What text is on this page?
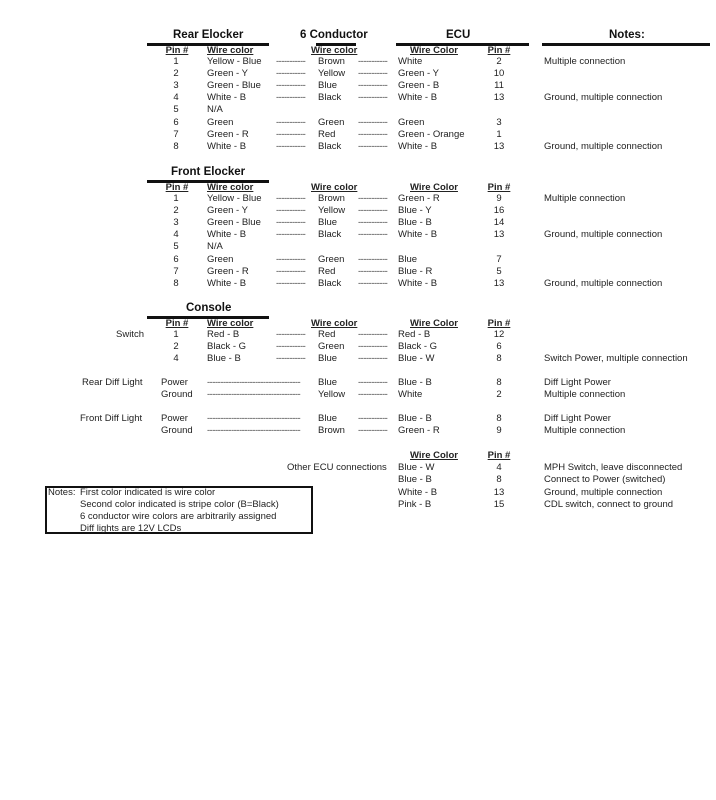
Rear Elocker	6 Conductor	ECU	Notes:
Pin # Wire color	Wire color	Wire Color	Pin #
1	Yellow - Blue ----------- Brown ----------- White	2	Multiple connection
2	Green - Y	----------- Yellow ----------- Green - Y	10
3	Green - Blue ----------- Blue ----------- Green - B	11
4	White - B	----------- Black ----------- White - B	13	Ground, multiple connection
5	N/A
6	Green	----------- Green ----------- Green	3
7	Green - R	----------- Red ----------- Green - Orange	1
8	White - B	----------- Black ----------- White - B	13	Ground, multiple connection
Front Elocker
Pin # Wire color	Wire color	Wire Color	Pin #
1	Yellow - Blue ----------- Brown ----------- Green - R	9	Multiple connection
2	Green - Y	----------- Yellow ----------- Blue - Y	16
3	Green - Blue ----------- Blue ----------- Blue - B	14
4	White - B	----------- Black ----------- White - B	13	Ground, multiple connection
5	N/A
6	Green	----------- Green ----------- Blue	7
7	Green - R	----------- Red ----------- Blue - R	5
8	White - B	----------- Black ----------- White - B	13	Ground, multiple connection
Console
Pin # Wire color	Wire color	Wire Color	Pin #
Switch	1	Red - B	----------- Red ----------- Red - B	12
2	Black - G	----------- Green ----------- Black - G	6
4	Blue - B	----------- Blue ----------- Blue - W	8	Switch Power, multiple connection
Rear Diff Light Power ----------------------------------- Blue ----------- Blue - B	8	Diff Light Power
Ground ----------------------------------- Yellow ----------- White	2	Multiple connection
Front Diff Light Power ----------------------------------- Blue ----------- Blue - B	8	Diff Light Power
Ground ----------------------------------- Brown ----------- Green - R	9	Multiple connection
Wire Color	Pin #
Other ECU connections Blue - W	4	MPH Switch, leave disconnected
Blue - B	8	Connect to Power (switched)
White - B	13	Ground, multiple connection
Pink - B	15	CDL switch, connect to ground
Notes: First color indicated is wire color
Second color indicated is stripe color (B=Black)
6 conductor wire colors are arbitrarily assigned
Diff lights are 12V LCDs
